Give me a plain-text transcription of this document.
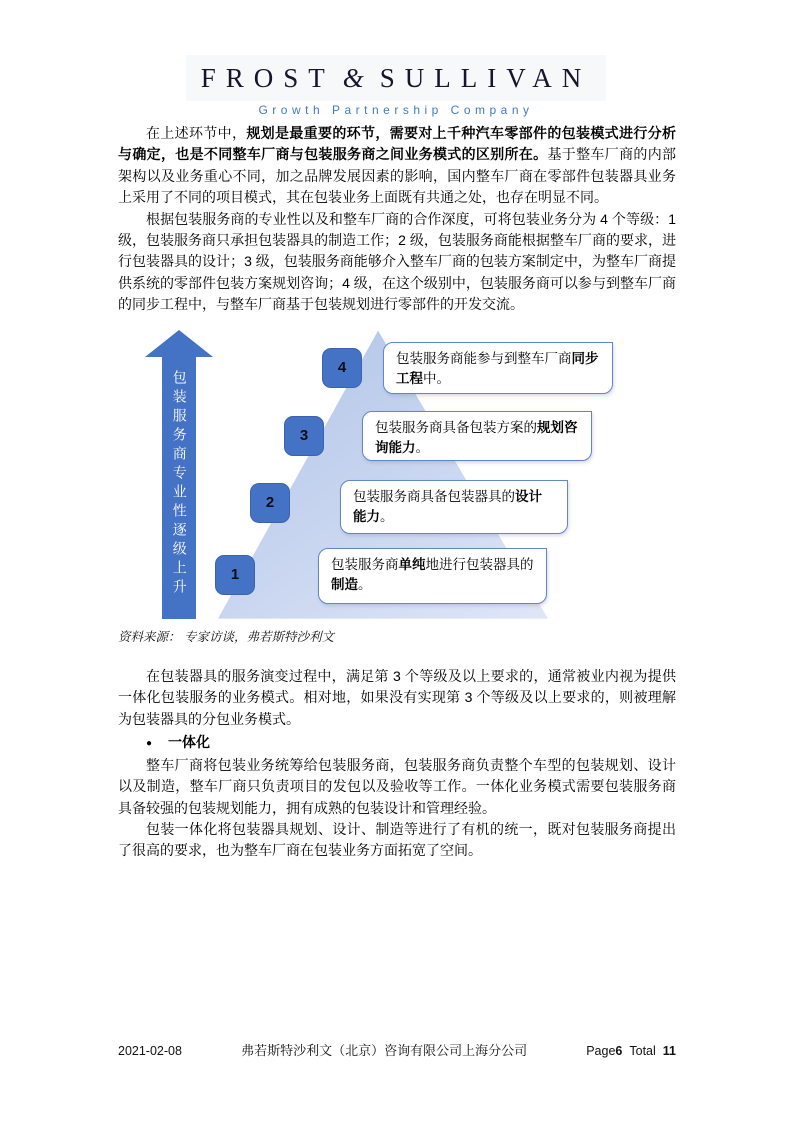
FROST & SULLIVAN
Growth Partnership Company

在上述环节中，规划是最重要的环节，需要对上千种汽车零部件的包装模式进行分析与确定，也是不同整车厂商与包装服务商之间业务模式的区别所在。基于整车厂商的内部架构以及业务重心不同，加之品牌发展因素的影响，国内整车厂商在零部件包装器具业务上采用了不同的项目模式，其在包装业务上面既有共通之处，也存在明显不同。

根据包装服务商的专业性以及和整车厂商的合作深度，可将包装业务分为 4 个等级：1 级，包装服务商只承担包装器具的制造工作；2 级，包装服务商能根据整车厂商的要求，进行包装器具的设计；3 级，包装服务商能够介入整车厂商的包装方案制定中，为整车厂商提供系统的零部件包装方案规划咨询；4 级，在这个级别中，包装服务商可以参与到整车厂商的同步工程中，与整车厂商基于包装规划进行零部件的开发交流。

包装服务商专业性逐级上升	1
2
3
4
包装服务商单纯地进行包装器具的制造。
包装服务商具备包装器具的设计能力。
包装服务商具备包装方案的规划咨询能力。
包装服务商能参与到整车厂商同步工程中。
资料来源： 专家访谈，弗若斯特沙利文

在包装器具的服务演变过程中，满足第 3 个等级及以上要求的，通常被业内视为提供一体化包装服务的业务模式。相对地，如果没有实现第 3 个等级及以上要求的，则被理解为包装器具的分包业务模式。

● 一体化

整车厂商将包装业务统筹给包装服务商，包装服务商负责整个车型的包装规划、设计以及制造，整车厂商只负责项目的发包以及验收等工作。一体化业务模式需要包装服务商具备较强的包装规划能力，拥有成熟的包装设计和管理经验。

包装一体化将包装器具规划、设计、制造等进行了有机的统一，既对包装服务商提出了很高的要求，也为整车厂商在包装业务方面拓宽了空间。

2021-02-08	弗若斯特沙利文（北京）咨询有限公司上海分公司	Page6 Total 11
